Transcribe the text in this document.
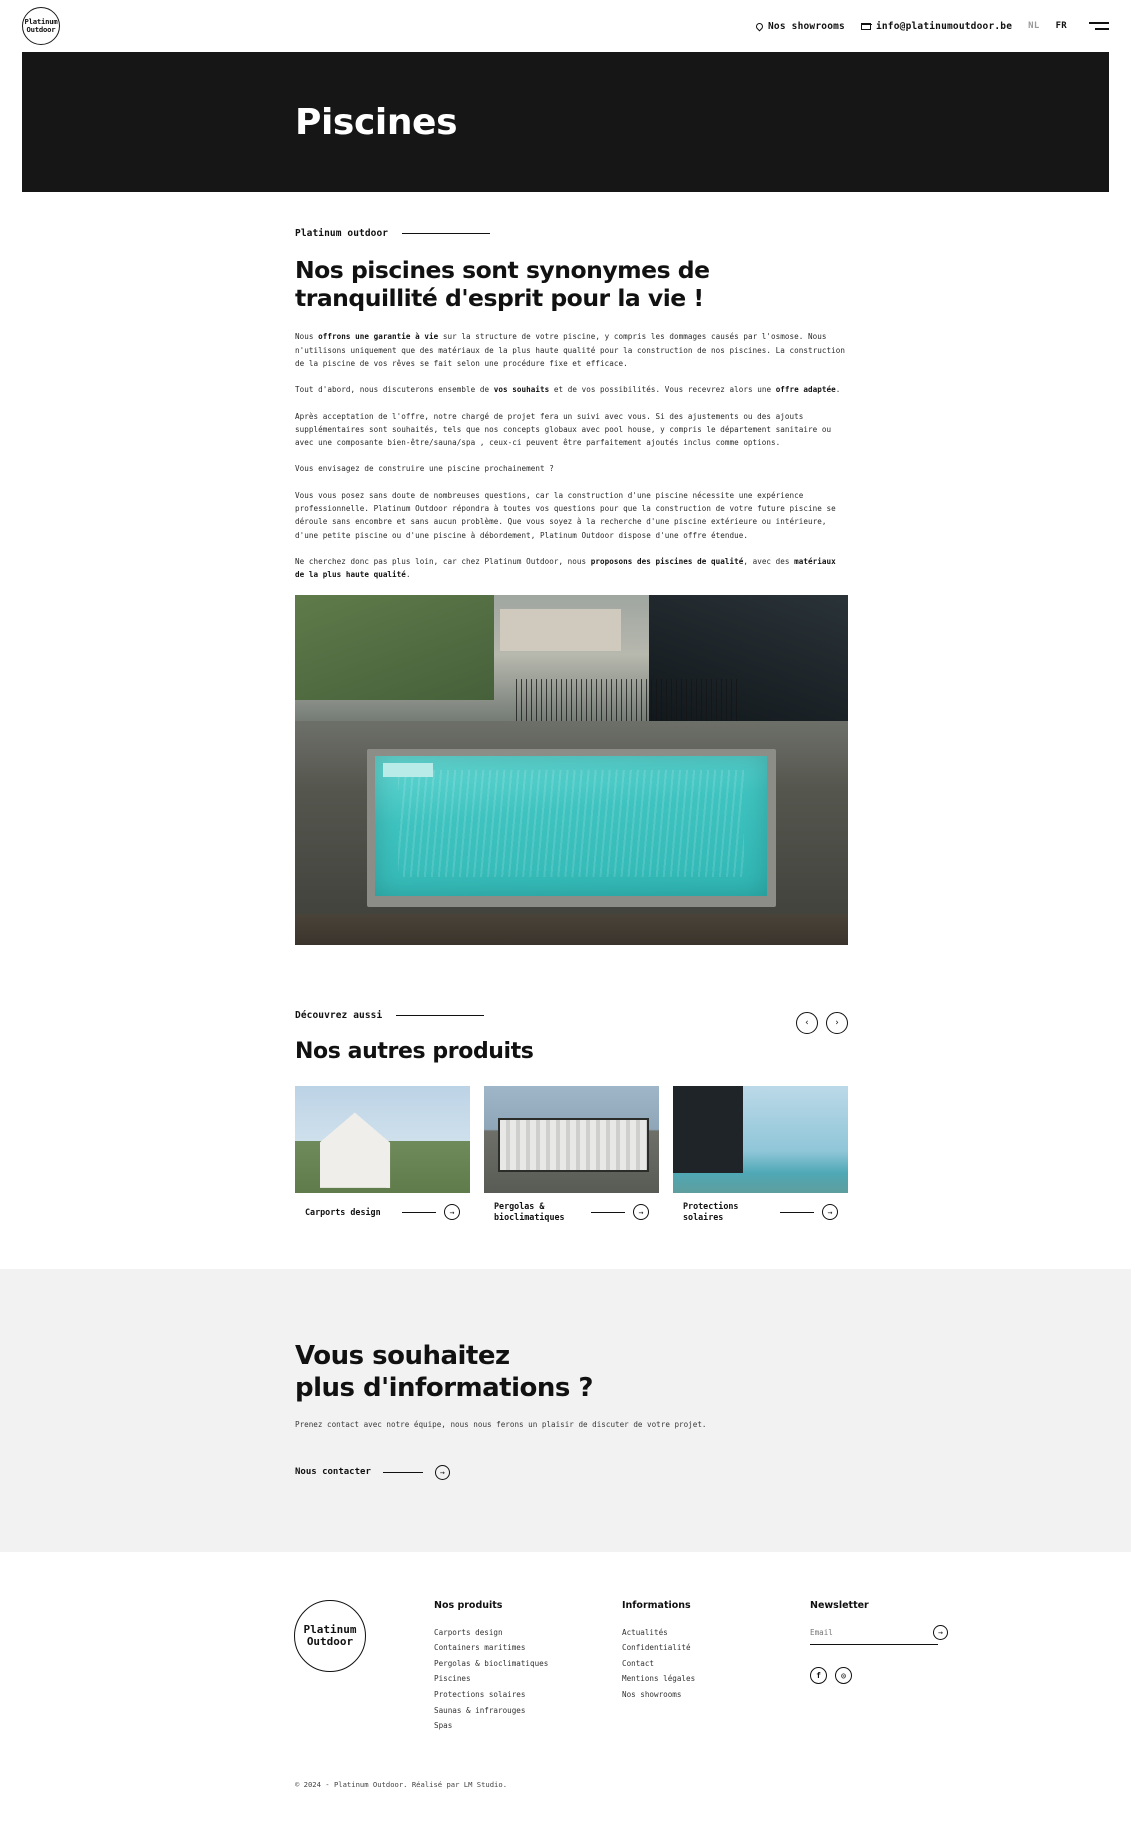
Platinum
Outdoor	Nos showrooms	info@platinumoutdoor.be NL FR
Piscines
Platinum outdoor
Nos piscines sont synonymes de tranquillité d'esprit pour la vie !

Nous offrons une garantie à vie sur la structure de votre piscine, y compris les dommages causés par l'osmose. Nous n'utilisons uniquement que des matériaux de la plus haute qualité pour la construction de nos piscines. La construction de la piscine de vos rêves se fait selon une procédure fixe et efficace.

Tout d'abord, nous discuterons ensemble de vos souhaits et de vos possibilités. Vous recevrez alors une offre adaptée.

Après acceptation de l'offre, notre chargé de projet fera un suivi avec vous. Si des ajustements ou des ajouts supplémentaires sont souhaités, tels que nos concepts globaux avec pool house, y compris le département sanitaire ou avec une composante bien-être/sauna/spa , ceux-ci peuvent être parfaitement ajoutés inclus comme options.

Vous envisagez de construire une piscine prochainement ?

Vous vous posez sans doute de nombreuses questions, car la construction d'une piscine nécessite une expérience professionnelle. Platinum Outdoor répondra à toutes vos questions pour que la construction de votre future piscine se déroule sans encombre et sans aucun problème. Que vous soyez à la recherche d'une piscine extérieure ou intérieure, d'une petite piscine ou d'une piscine à débordement, Platinum Outdoor dispose d'une offre étendue.

Ne cherchez donc pas plus loin, car chez Platinum Outdoor, nous proposons des piscines de qualité, avec des matériaux de la plus haute qualité.

‹	›
Découvrez aussi
Nos autres produits
Carports design	→
Pergolas & bioclimatiques	→
Protections solaires	→
Vous souhaitez
plus d'informations ?

Prenez contact avec notre équipe, nous nous ferons un plaisir de discuter de votre projet.

Nous contacter	→
Platinum
Outdoor
Nos produits
Carports design
Containers maritimes
Pergolas & bioclimatiques
Piscines
Protections solaires
Saunas & infrarouges
Spas
Informations
Actualités
Confidentialité
Contact
Mentions légales
Nos showrooms
Newsletter
Email
→
f	◎
© 2024 - Platinum Outdoor. Réalisé par LM Studio.
